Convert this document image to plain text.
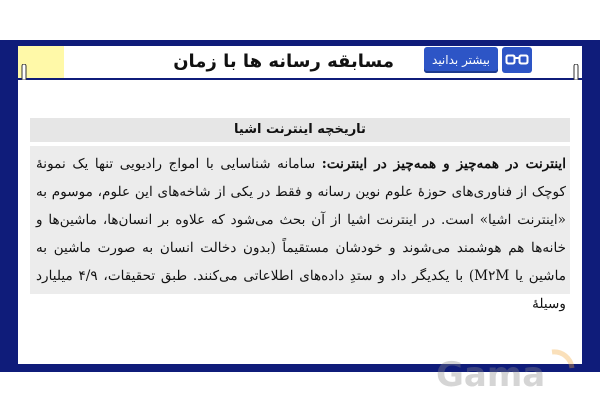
مسابقه رسانه ها با زمان	بیشتر بدانید
تاریخچه اینترنت اشیا

اینترنت در همه‌چیز و همه‌چیز در اینترنت: سامانه شناسایی با امواج رادیویی تنها یک نمونهٔ کوچک از فناوری‌های حوزهٔ علوم نوین رسانه و فقط در یکی از شاخه‌های این علوم، موسوم به «اینترنت اشیا» است. در اینترنت اشیا از آن بحث می‌شود که علاوه بر انسان‌ها، ماشین‌ها و خانه‌ها هم هوشمند می‌شوند و خودشان مستقیماً (بدون دخالت انسان به صورت ماشین به ماشین یا M۲M) با یکدیگر داد و ستدِ داده‌های اطلاعاتی می‌کنند. طبق تحقیقات، ۴/۹ میلیارد وسیلهٔ

Gama
